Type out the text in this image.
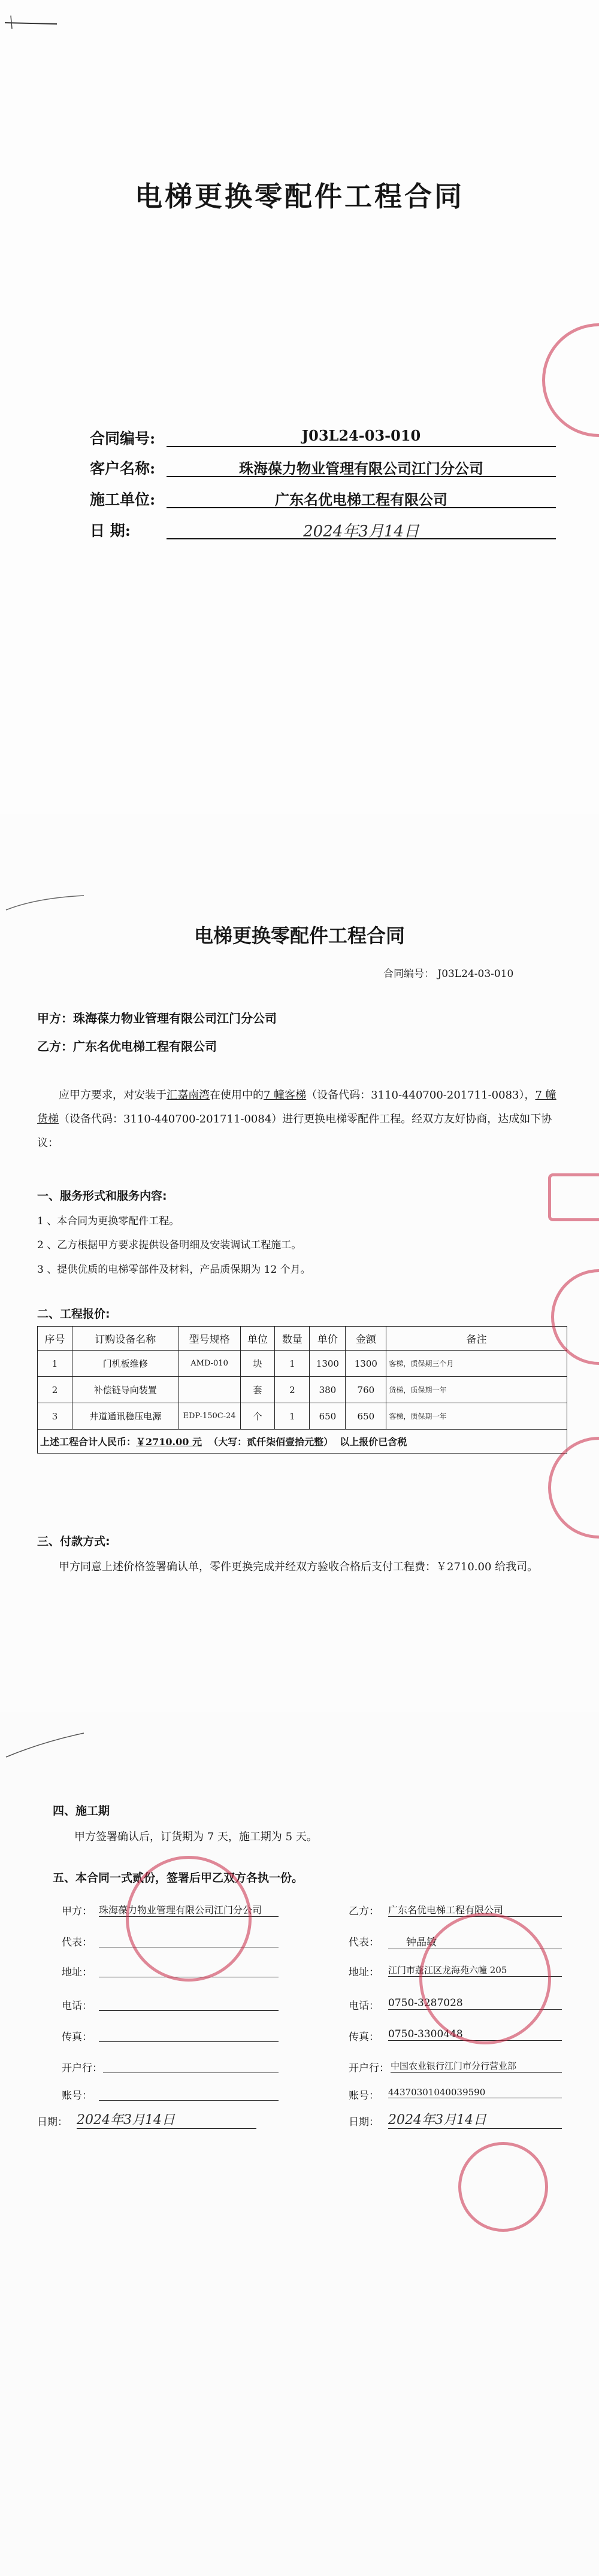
电梯更换零配件工程合同
合同编号:	J03L24-03-010
客户名称:	珠海葆力物业管理有限公司江门分公司
施工单位:	广东名优电梯工程有限公司
日 期:	2024年3月14日
电梯更换零配件工程合同
合同编号： J03L24-03-010
甲方：珠海葆力物业管理有限公司江门分公司
乙方：广东名优电梯工程有限公司
应甲方要求，对安装于汇嘉南湾在使用中的7 幢客梯（设备代码：3110-440700-201711-0083），7 幢货梯（设备代码：3110-440700-201711-0084）进行更换电梯零配件工程。经双方友好协商，达成如下协议：
一、服务形式和服务内容:
1 、本合同为更换零配件工程。
2 、乙方根据甲方要求提供设备明细及安装调试工程施工。
3 、提供优质的电梯零部件及材料，产品质保期为 12 个月。
二、工程报价:
序号	订购设备名称	型号规格	单位	数量	单价	金额	备注
1	门机板维修	AMD-010	块	1	1300	1300	客梯，质保期三个月
2	补偿链导向装置		套	2	380	760	货梯，质保期一年
3	井道通讯稳压电源	EDP-150C-24	个	1	650	650	客梯，质保期一年
上述工程合计人民币：￥2710.00 元 （大写：贰仟柒佰壹拾元整） 以上报价已含税							
三、付款方式:
甲方同意上述价格签署确认单，零件更换完成并经双方验收合格后支付工程费：￥2710.00 给我司。
四、施工期
甲方签署确认后，订货期为 7 天，施工期为 5 天。
五、本合同一式贰份，签署后甲乙双方各执一份。
甲方： 珠海葆力物业管理有限公司江门分公司
代表：
地址：
电话：
传真：
开户行：
账号：
日期： 2024年3月14日
乙方： 广东名优电梯工程有限公司
代表：	钟晶敏
地址： 江门市蓬江区龙海苑六幢 205
电话： 0750-3287028
传真： 0750-3300448
开户行： 中国农业银行江门市分行营业部
账号： 44370301040039590
日期： 2024年3月14日
